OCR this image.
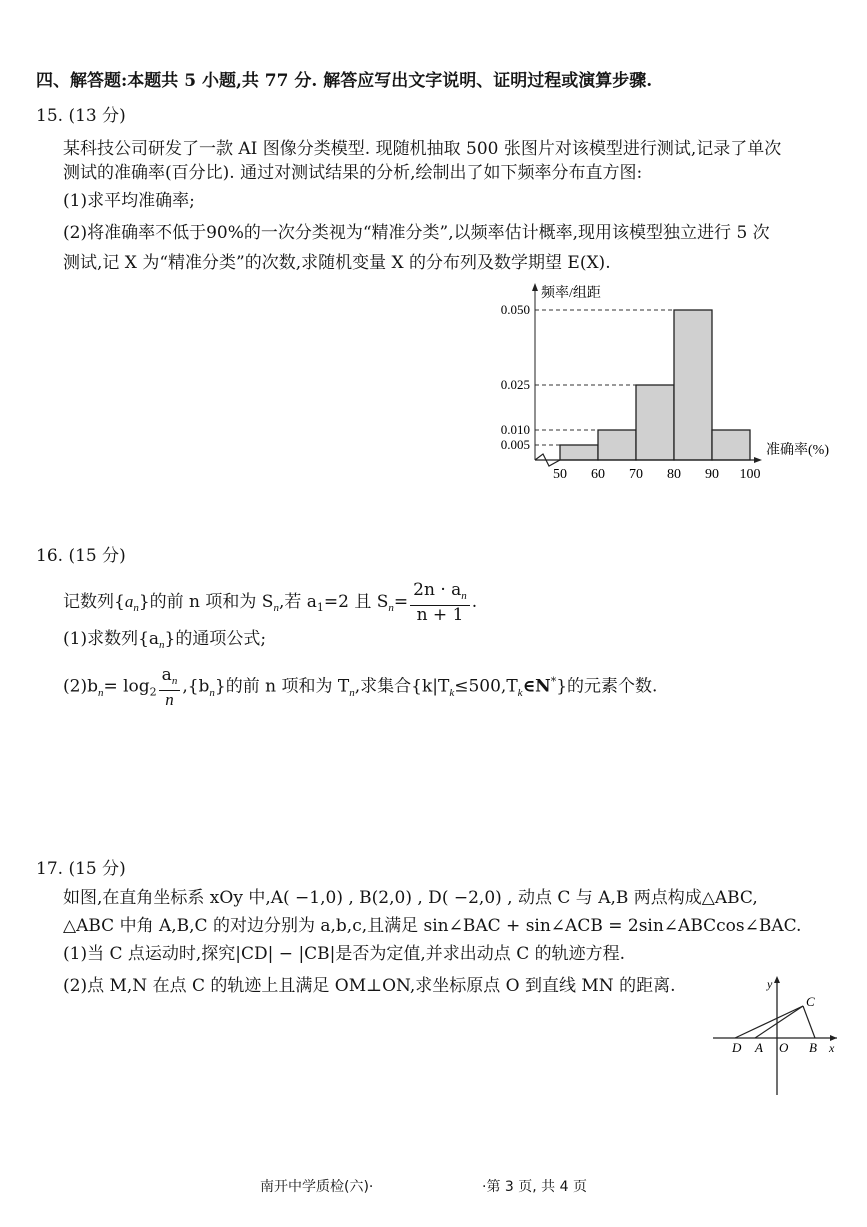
四、解答题:本题共 5 小题,共 77 分. 解答应写出文字说明、证明过程或演算步骤.
15. (13 分)
某科技公司研发了一款 AI 图像分类模型. 现随机抽取 500 张图片对该模型进行测试,记录了单次
测试的准确率(百分比). 通过对测试结果的分析,绘制出了如下频率分布直方图:
(1)求平均准确率;
(2)将准确率不低于90%的一次分类视为“精准分类”,以频率估计概率,现用该模型独立进行 5 次
测试,记 X 为“精准分类”的次数,求随机变量 X 的分布列及数学期望 E(X).
0.050
0.025
0.010
0.005
50 60 70 80 90 100
频率/组距
准确率(%)
16. (15 分)
记数列$\{a_n\}$的前 n 项和为 $S_n$,若 $a_1=2$ 且 $S_n= \frac{2n \cdot a_n}{n + 1}$ .
(1)求数列$\{a_n\}$的通项公式;
$(2)b_n= \log_2 \frac{a_n}{n} ,\{b_n\}$的前 n 项和为 $T_n$,求集合$\{k|T_k\le 500,T_k\in N^*\}$的元素个数.
17. (15 分)
如图,在直角坐标系 xOy 中,A( −1,0) , B(2,0) , D( −2,0) , 动点 C 与 A,B 两点构成△ABC,
△ABC 中角 A,B,C 的对边分别为 a,b,c,且满足 sin∠BAC + sin∠ACB = 2sin∠ABCcos∠BAC.
(1)当 C 点运动时,探究|CD| − |CB|是否为定值,并求出动点 C 的轨迹方程.
(2)点 M,N 在点 C 的轨迹上且满足 OM⊥ON,求坐标原点 O 到直线 MN 的距离.	y
C
D A O B x
南开中学质检(六)·	·第 3 页, 共 4 页
